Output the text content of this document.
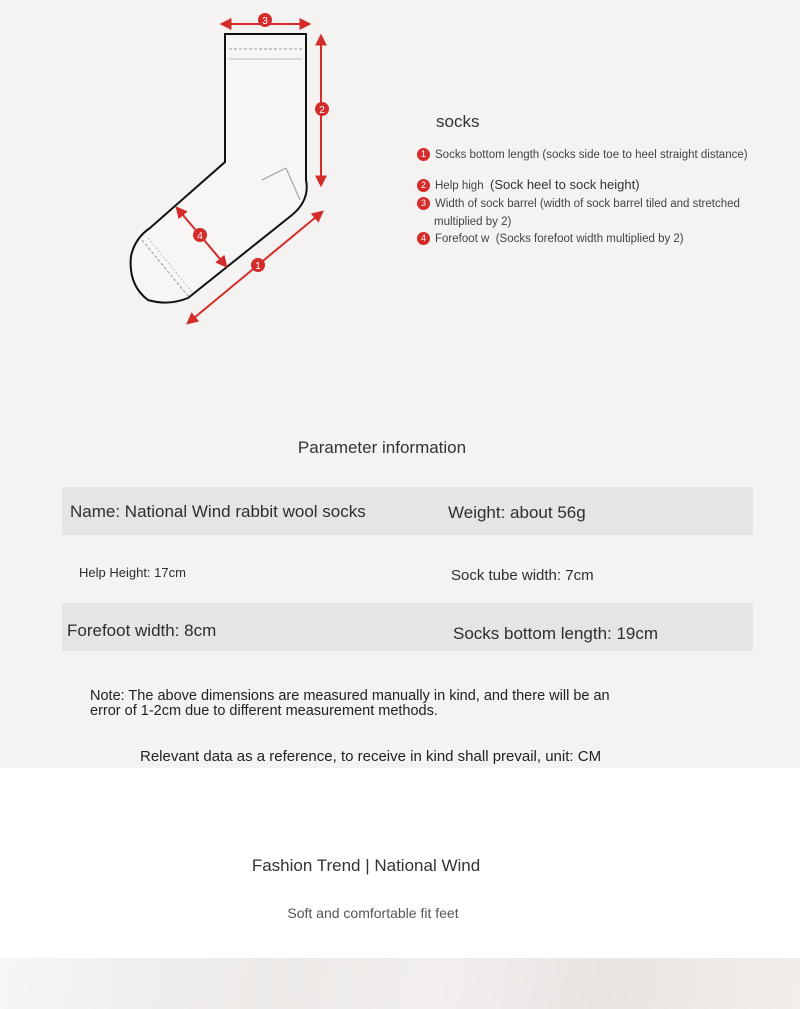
3
2
4
1
socks
1 Socks bottom length (socks side toe to heel straight distance)
2 Help high (Sock heel to sock height)
3 Width of sock barrel (width of sock barrel tiled and stretched
multiplied by 2)
4 Forefoot w (Socks forefoot width multiplied by 2)
Parameter information
Name: National Wind rabbit wool socks	Weight: about 56g
Help Height: 17cm	Sock tube width: 7cm
Forefoot width: 8cm	Socks bottom length: 19cm
Note: The above dimensions are measured manually in kind, and there will be an
error of 1-2cm due to different measurement methods.
Relevant data as a reference, to receive in kind shall prevail, unit: CM
Fashion Trend | National Wind
Soft and comfortable fit feet
